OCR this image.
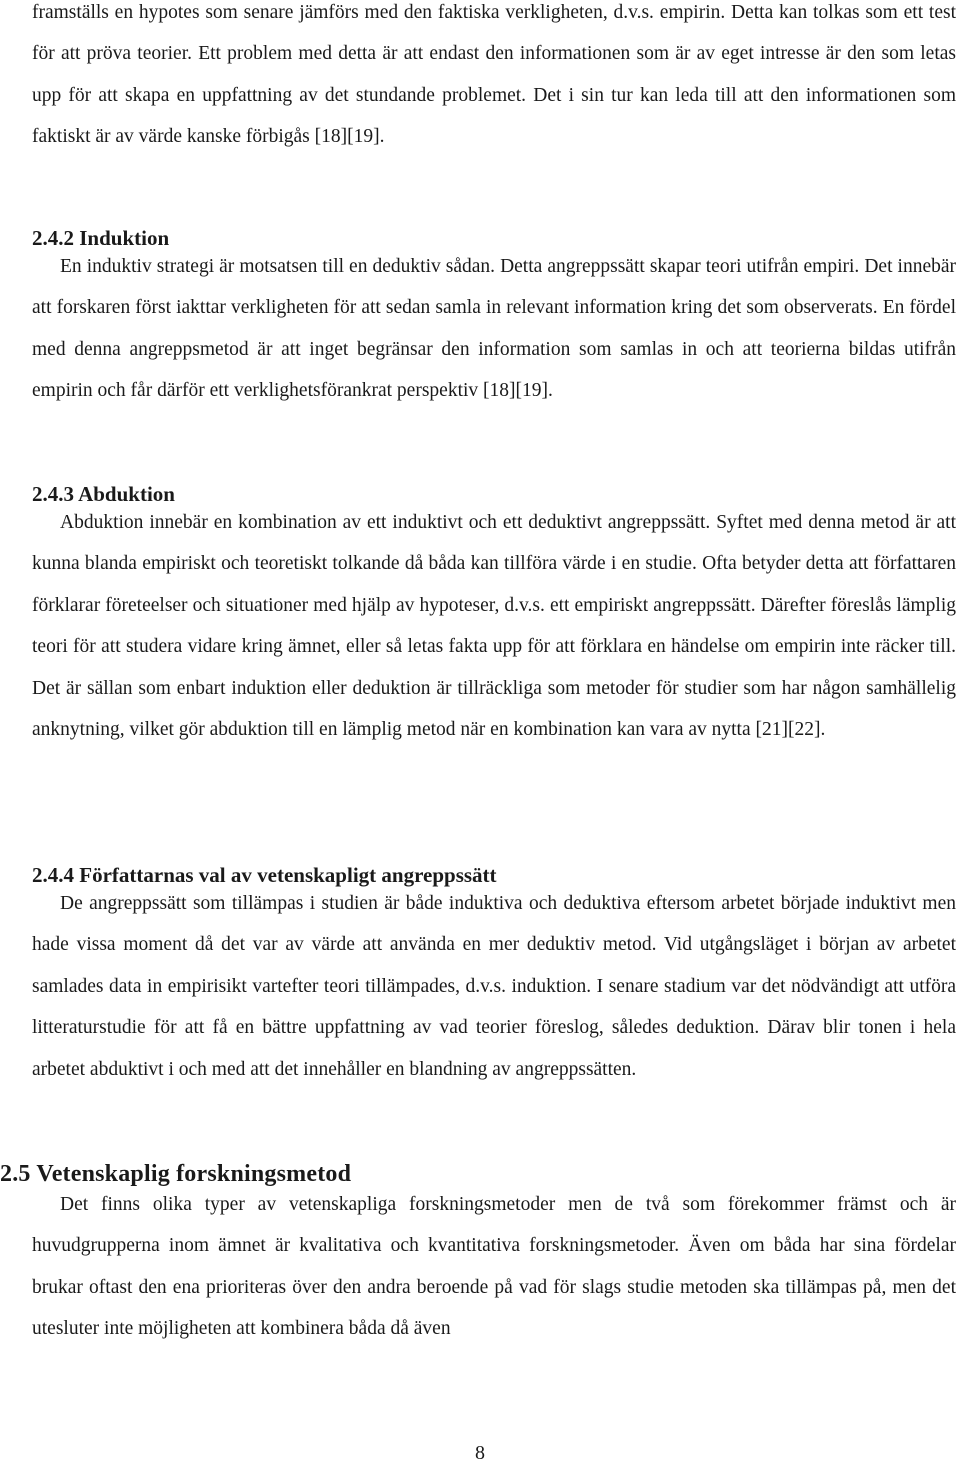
framställs en hypotes som senare jämförs med den faktiska verkligheten, d.v.s. empirin. Detta kan tolkas som ett test för att pröva teorier. Ett problem med detta är att endast den informationen som är av eget intresse är den som letas upp för att skapa en uppfattning av det stundande problemet. Det i sin tur kan leda till att den informationen som faktiskt är av värde kanske förbigås [18][19].

2.4.2 Induktion

En induktiv strategi är motsatsen till en deduktiv sådan. Detta angreppssätt skapar teori utifrån empiri. Det innebär att forskaren först iakttar verkligheten för att sedan samla in relevant information kring det som observerats. En fördel med denna angreppsmetod är att inget begränsar den information som samlas in och att teorierna bildas utifrån empirin och får därför ett verklighetsförankrat perspektiv [18][19].

2.4.3 Abduktion

Abduktion innebär en kombination av ett induktivt och ett deduktivt angreppssätt. Syftet med denna metod är att kunna blanda empiriskt och teoretiskt tolkande då båda kan tillföra värde i en studie. Ofta betyder detta att författaren förklarar företeelser och situationer med hjälp av hypoteser, d.v.s. ett empiriskt angreppssätt. Därefter föreslås lämplig teori för att studera vidare kring ämnet, eller så letas fakta upp för att förklara en händelse om empirin inte räcker till. Det är sällan som enbart induktion eller deduktion är tillräckliga som metoder för studier som har någon samhällelig anknytning, vilket gör abduktion till en lämplig metod när en kombination kan vara av nytta [21][22].

2.4.4 Författarnas val av vetenskapligt angreppssätt

De angreppssätt som tillämpas i studien är både induktiva och deduktiva eftersom arbetet började induktivt men hade vissa moment då det var av värde att använda en mer deduktiv metod. Vid utgångsläget i början av arbetet samlades data in empirisikt vartefter teori tillämpades, d.v.s. induktion. I senare stadium var det nödvändigt att utföra litteraturstudie för att få en bättre uppfattning av vad teorier föreslog, således deduktion. Därav blir tonen i hela arbetet abduktivt i och med att det innehåller en blandning av angreppssätten.

2.5 Vetenskaplig forskningsmetod

Det finns olika typer av vetenskapliga forskningsmetoder men de två som förekommer främst och är huvudgrupperna inom ämnet är kvalitativa och kvantitativa forskningsmetoder. Även om båda har sina fördelar brukar oftast den ena prioriteras över den andra beroende på vad för slags studie metoden ska tillämpas på, men det utesluter inte möjligheten att kombinera båda då även

8
